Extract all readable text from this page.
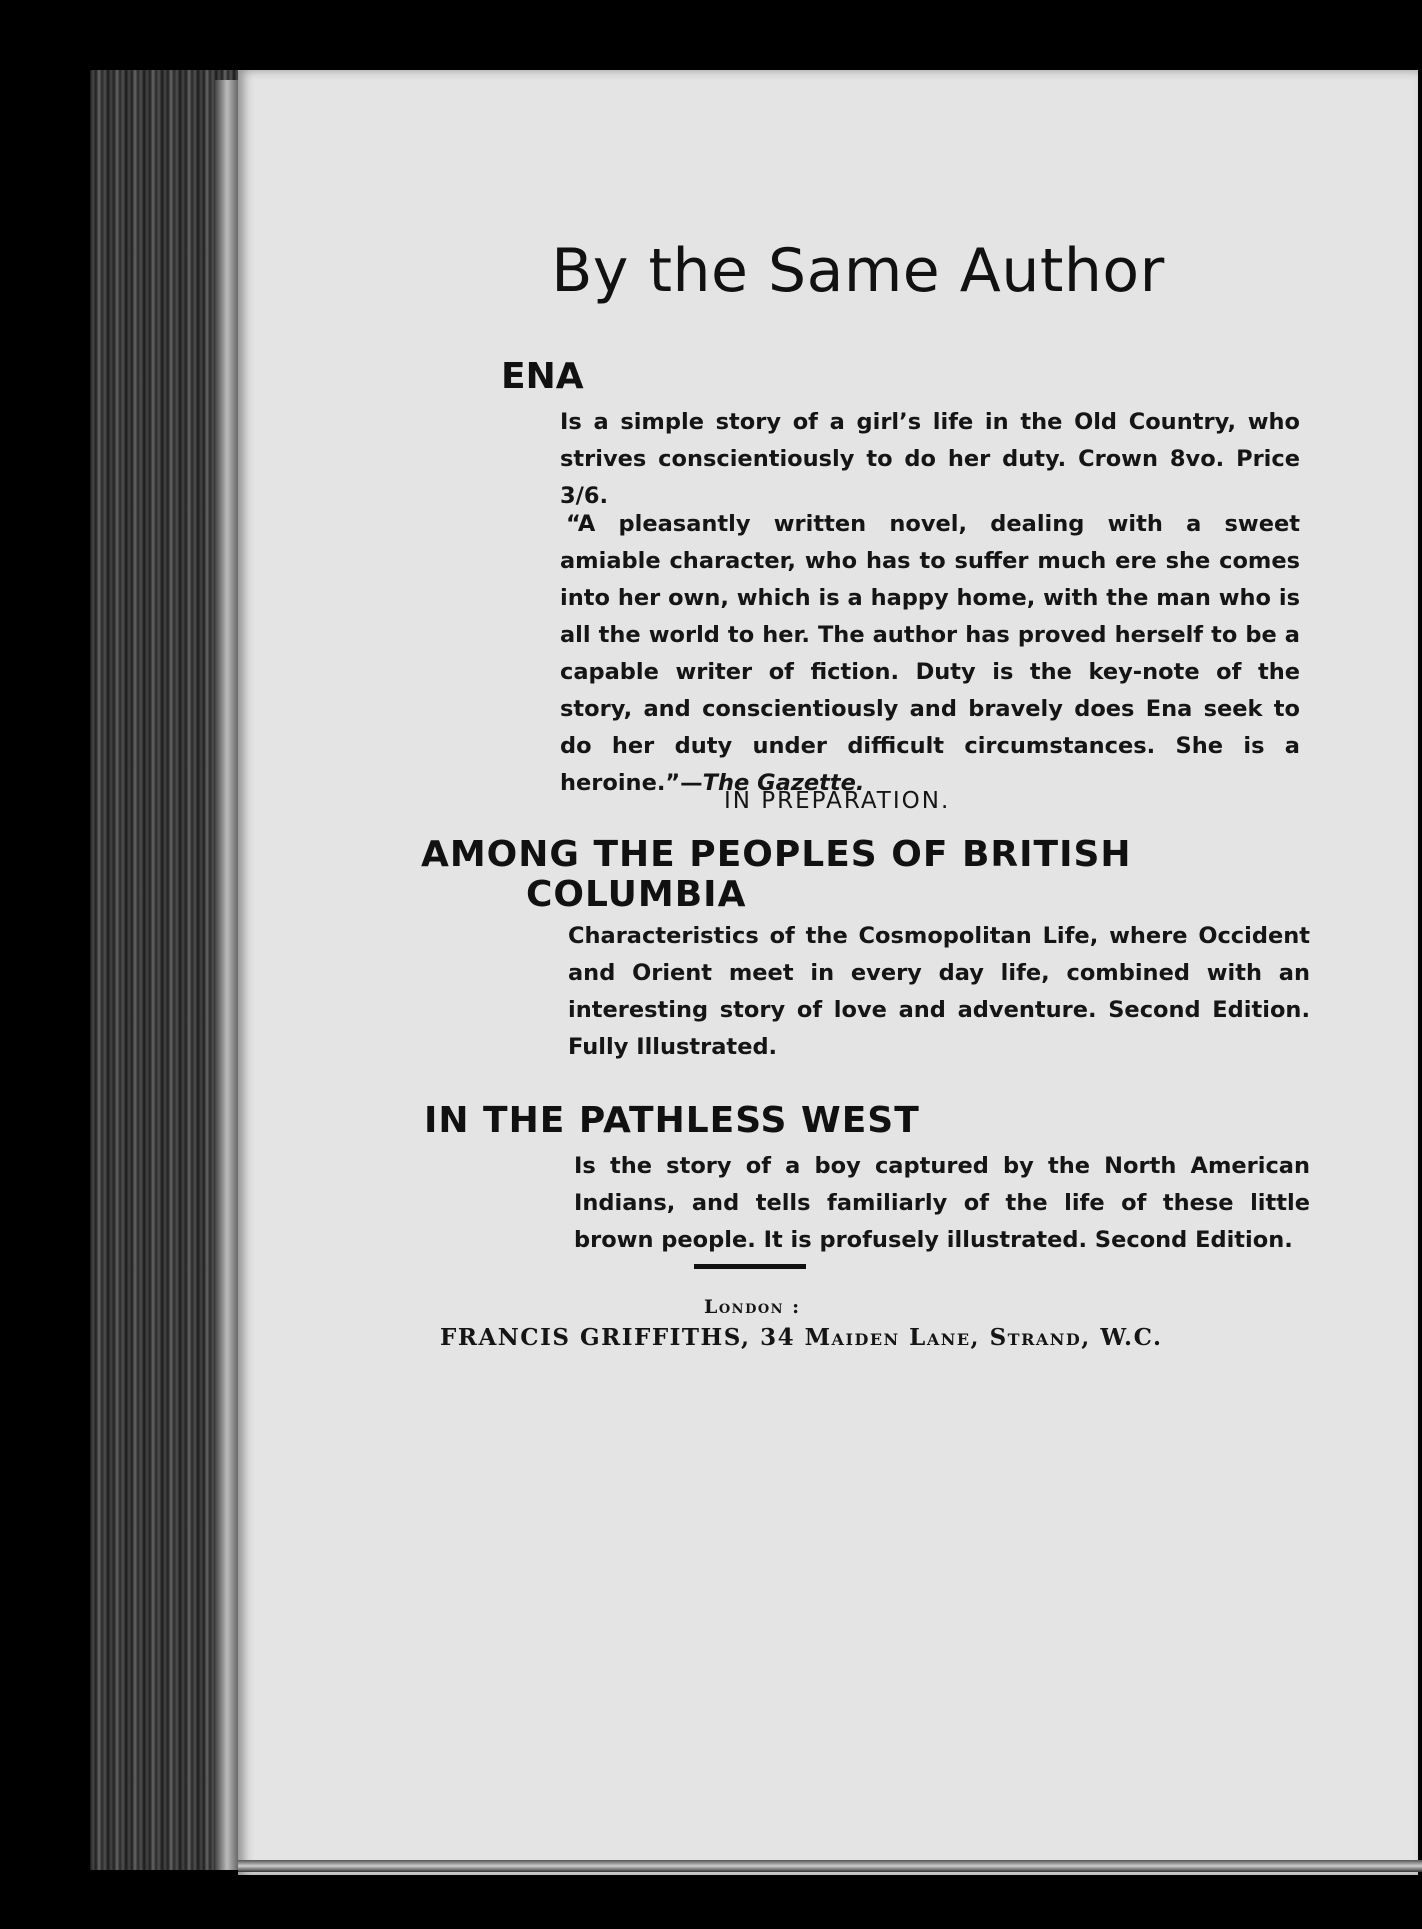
By the Same Author
ENA

Is a simple story of a girl’s life in the Old Country, who strives conscientiously to do her duty. Crown 8vo. Price 3/6.

“A pleasantly written novel, dealing with a sweet amiable character, who has to suffer much ere she comes into her own, which is a happy home, with the man who is all the world to her. The author has proved herself to be a capable writer of fiction. Duty is the key-note of the story, and conscientiously and bravely does Ena seek to do her duty under difficult circumstances. She is a heroine.”—The Gazette.

IN PREPARATION.

AMONG THE PEOPLES OF BRITISH
COLUMBIA

Characteristics of the Cosmopolitan Life, where Occident and Orient meet in every day life, combined with an interesting story of love and adventure. Second Edition. Fully Illustrated.

IN THE PATHLESS WEST

Is the story of a boy captured by the North American Indians, and tells familiarly of the life of these little brown people. It is profusely illustrated. Second Edition.

London :

FRANCIS GRIFFITHS, 34 Maiden Lane, Strand, W.C.
